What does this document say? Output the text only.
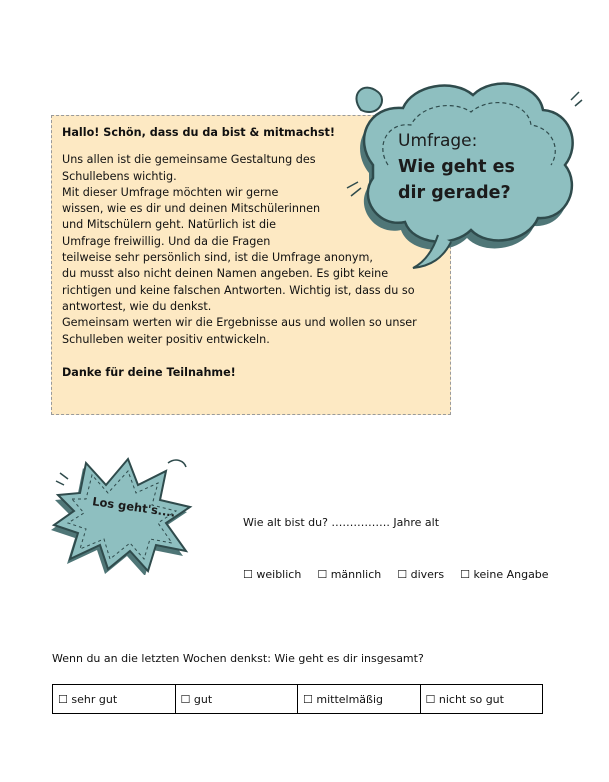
Hallo! Schön, dass du da bist & mitmachst!

Uns allen ist die gemeinsame Gestaltung des

Schullebens wichtig.

Mit dieser Umfrage möchten wir gerne

wissen, wie es dir und deinen Mitschülerinnen

und Mitschülern geht. Natürlich ist die

Umfrage freiwillig. Und da die Fragen

teilweise sehr persönlich sind, ist die Umfrage anonym,

du musst also nicht deinen Namen angeben. Es gibt keine

richtigen und keine falschen Antworten. Wichtig ist, dass du so

antwortest, wie du denkst.

Gemeinsam werten wir die Ergebnisse aus und wollen so unser

Schulleben weiter positiv entwickeln.

Danke für deine Teilnahme!

Umfrage:
Wie geht es
dir gerade?
Los geht's....
Wie alt bist du? ……………. Jahre alt
☐ weiblich ☐ männlich ☐ divers ☐ keine Angabe
Wenn du an die letzten Wochen denkst: Wie geht es dir insgesamt?
☐ sehr gut	☐ gut	☐ mittelmäßig	☐ nicht so gut
